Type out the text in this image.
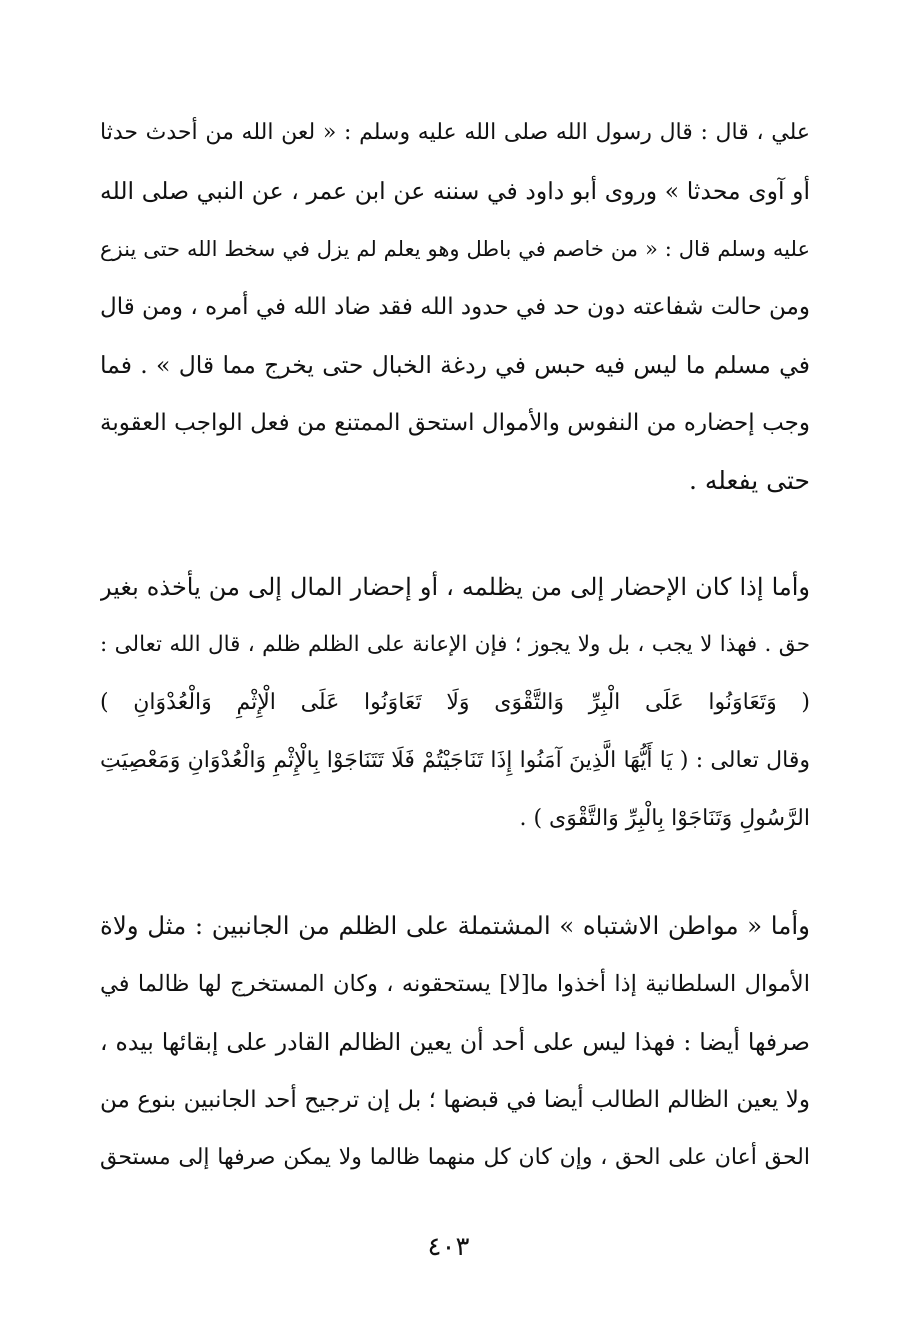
علي ، قال : قال رسول الله صلى الله عليه وسلم : « لعن الله من أحدث حدثا
أو آوى محدثا » وروى أبو داود في سننه عن ابن عمر ، عن النبي صلى الله
عليه وسلم قال : « من خاصم في باطل وهو يعلم لم يزل في سخط الله حتى ينزع
ومن حالت شفاعته دون حد في حدود الله فقد ضاد الله في أمره ، ومن قال
في مسلم ما ليس فيه حبس في ردغة الخبال حتى يخرج مما قال » . فما
وجب إحضاره من النفوس والأموال استحق الممتنع من فعل الواجب العقوبة
حتى يفعله .
وأما إذا كان الإحضار إلى من يظلمه ، أو إحضار المال إلى من يأخذه بغير
حق . فهذا لا يجب ، بل ولا يجوز ؛ فإن الإعانة على الظلم ظلم ، قال الله تعالى :
( وَتَعَاوَنُوا عَلَى الْبِرِّ وَالتَّقْوَى وَلَا تَعَاوَنُوا عَلَى الْإِثْمِ وَالْعُدْوَانِ )
وقال تعالى : ( يَا أَيُّهَا الَّذِينَ آمَنُوا إِذَا تَنَاجَيْتُمْ فَلَا تَتَنَاجَوْا بِالْإِثْمِ وَالْعُدْوَانِ وَمَعْصِيَتِ
الرَّسُولِ وَتَنَاجَوْا بِالْبِرِّ وَالتَّقْوَى ) .
وأما « مواطن الاشتباه » المشتملة على الظلم من الجانبين : مثل ولاة
الأموال السلطانية إذا أخذوا ما[لا] يستحقونه ، وكان المستخرج لها ظالما في
صرفها أيضا : فهذا ليس على أحد أن يعين الظالم القادر على إبقائها بيده ،
ولا يعين الظالم الطالب أيضا في قبضها ؛ بل إن ترجيح أحد الجانبين بنوع من
الحق أعان على الحق ، وإن كان كل منهما ظالما ولا يمكن صرفها إلى مستحق
٤٠٣
